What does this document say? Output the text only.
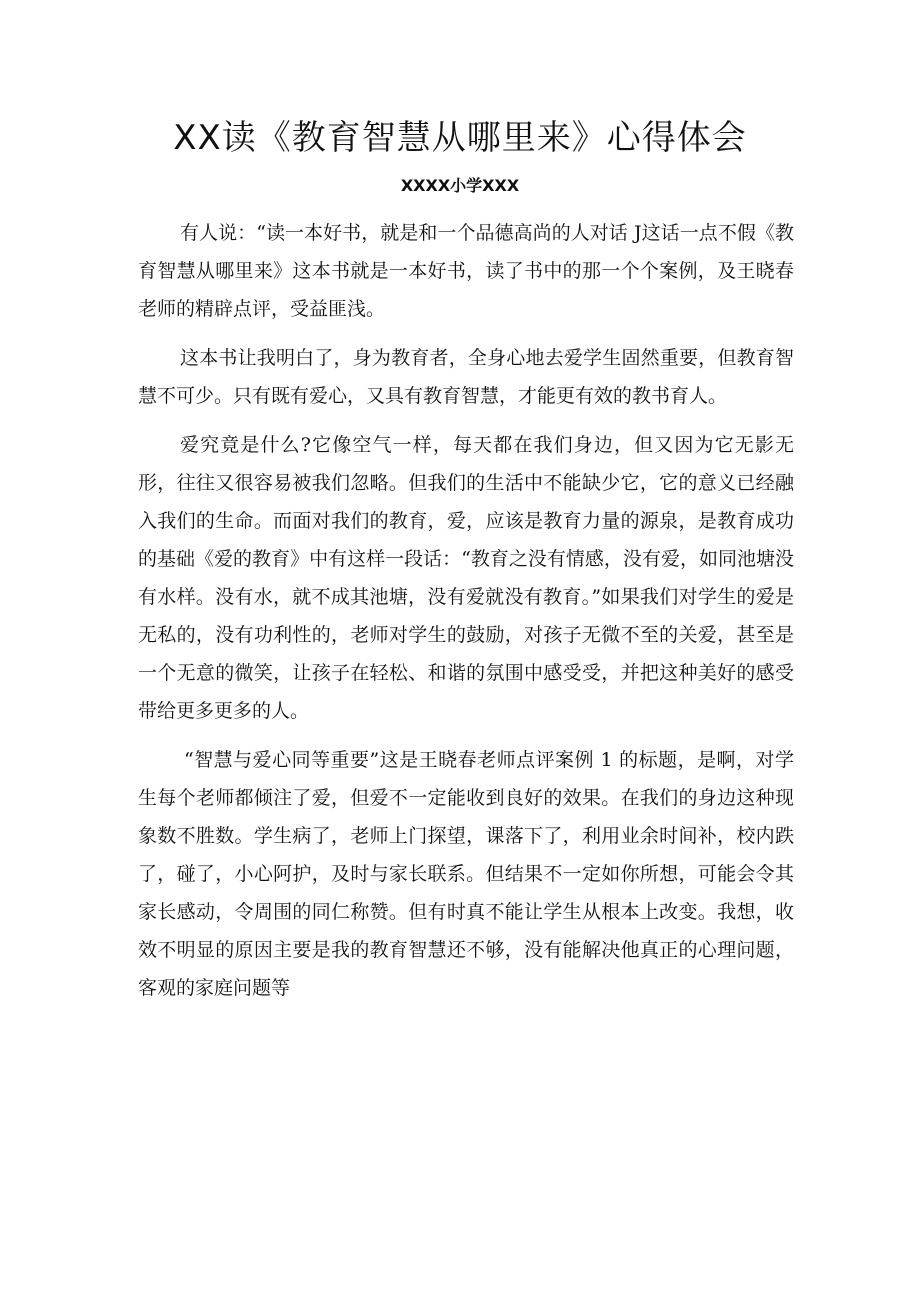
XX读《教育智慧从哪里来》心得体会
XXXX小学XXX

有人说：“读一本好书，就是和一个品德高尚的人对话 J这话一点不假《教育智慧从哪里来》这本书就是一本好书，读了书中的那一个个案例，及王晓春老师的精辟点评，受益匪浅。

这本书让我明白了，身为教育者，全身心地去爱学生固然重要，但教育智慧不可少。只有既有爱心，又具有教育智慧，才能更有效的教书育人。

爱究竟是什么?它像空气一样，每天都在我们身边，但又因为它无影无形，往往又很容易被我们忽略。但我们的生活中不能缺少它，它的意义已经融入我们的生命。而面对我们的教育，爱，应该是教育力量的源泉，是教育成功的基础《爱的教育》中有这样一段话：“教育之没有情感，没有爱，如同池塘没有水样。没有水，就不成其池塘，没有爱就没有教育。”如果我们对学生的爱是无私的，没有功利性的，老师对学生的鼓励，对孩子无微不至的关爱，甚至是一个无意的微笑，让孩子在轻松、和谐的氛围中感受受，并把这种美好的感受带给更多更多的人。

“智慧与爱心同等重要”这是王晓春老师点评案例 1 的标题，是啊，对学生每个老师都倾注了爱，但爱不一定能收到良好的效果。在我们的身边这种现象数不胜数。学生病了，老师上门探望，课落下了，利用业余时间补，校内跌了，碰了，小心阿护，及时与家长联系。但结果不一定如你所想，可能会令其家长感动，令周围的同仁称赞。但有时真不能让学生从根本上改变。我想，收效不明显的原因主要是我的教育智慧还不够，没有能解决他真正的心理问题，客观的家庭问题等
